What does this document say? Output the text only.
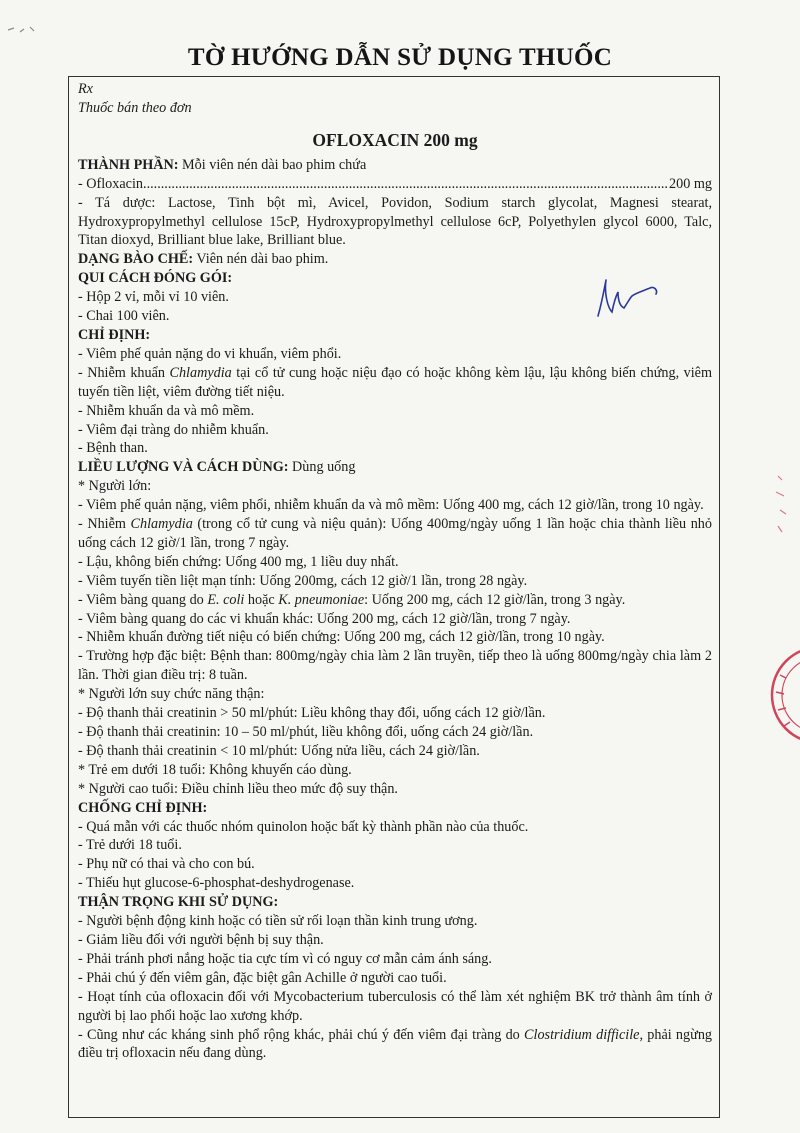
TỜ HƯỚNG DẪN SỬ DỤNG THUỐC
Rx
Thuốc bán theo đơn
OFLOXACIN 200 mg
THÀNH PHẦN: Mỗi viên nén dài bao phim chứa
- Ofloxacin
.....	200 mg
- Tá dược: Lactose, Tinh bột mì, Avicel, Povidon, Sodium starch glycolat, Magnesi stearat, Hydroxypropylmethyl cellulose 15cP, Hydroxypropylmethyl cellulose 6cP, Polyethylen glycol 6000, Talc, Titan dioxyd, Brilliant blue lake, Brilliant blue.
DẠNG BÀO CHẾ: Viên nén dài bao phim.
QUI CÁCH ĐÓNG GÓI:
- Hộp 2 vỉ, mỗi vỉ 10 viên.
- Chai 100 viên.
CHỈ ĐỊNH:
- Viêm phế quản nặng do vi khuẩn, viêm phổi.
- Nhiễm khuẩn Chlamydia tại cổ tử cung hoặc niệu đạo có hoặc không kèm lậu, lậu không biến chứng, viêm tuyến tiền liệt, viêm đường tiết niệu.
- Nhiễm khuẩn da và mô mềm.
- Viêm đại tràng do nhiễm khuẩn.
- Bệnh than.
LIỀU LƯỢNG VÀ CÁCH DÙNG: Dùng uống
* Người lớn:
- Viêm phế quản nặng, viêm phổi, nhiễm khuẩn da và mô mềm: Uống 400 mg, cách 12 giờ/lần, trong 10 ngày.
- Nhiễm Chlamydia (trong cổ tử cung và niệu quản): Uống 400mg/ngày uống 1 lần hoặc chia thành liều nhỏ uống cách 12 giờ/1 lần, trong 7 ngày.
- Lậu, không biến chứng: Uống 400 mg, 1 liều duy nhất.
- Viêm tuyến tiền liệt mạn tính: Uống 200mg, cách 12 giờ/1 lần, trong 28 ngày.
- Viêm bàng quang do E. coli hoặc K. pneumoniae: Uống 200 mg, cách 12 giờ/lần, trong 3 ngày.
- Viêm bàng quang do các vi khuẩn khác: Uống 200 mg, cách 12 giờ/lần, trong 7 ngày.
- Nhiễm khuẩn đường tiết niệu có biến chứng: Uống 200 mg, cách 12 giờ/lần, trong 10 ngày.
- Trường hợp đặc biệt: Bệnh than: 800mg/ngày chia làm 2 lần truyền, tiếp theo là uống 800mg/ngày chia làm 2 lần. Thời gian điều trị: 8 tuần.
* Người lớn suy chức năng thận:
- Độ thanh thải creatinin > 50 ml/phút: Liều không thay đổi, uống cách 12 giờ/lần.
- Độ thanh thải creatinin: 10 – 50 ml/phút, liều không đổi, uống cách 24 giờ/lần.
- Độ thanh thải creatinin < 10 ml/phút: Uống nửa liều, cách 24 giờ/lần.
* Trẻ em dưới 18 tuổi: Không khuyến cáo dùng.
* Người cao tuổi: Điều chỉnh liều theo mức độ suy thận.
CHỐNG CHỈ ĐỊNH:
- Quá mẫn với các thuốc nhóm quinolon hoặc bất kỳ thành phần nào của thuốc.
- Trẻ dưới 18 tuổi.
- Phụ nữ có thai và cho con bú.
- Thiếu hụt glucose-6-phosphat-deshydrogenase.
THẬN TRỌNG KHI SỬ DỤNG:
- Người bệnh động kinh hoặc có tiền sử rối loạn thần kinh trung ương.
- Giảm liều đối với người bệnh bị suy thận.
- Phải tránh phơi nắng hoặc tia cực tím vì có nguy cơ mẫn cảm ánh sáng.
- Phải chú ý đến viêm gân, đặc biệt gân Achille ở người cao tuổi.
- Hoạt tính của ofloxacin đối với Mycobacterium tuberculosis có thể làm xét nghiệm BK trở thành âm tính ở người bị lao phổi hoặc lao xương khớp.
- Cũng như các kháng sinh phổ rộng khác, phải chú ý đến viêm đại tràng do Clostridium difficile, phải ngừng điều trị ofloxacin nếu đang dùng.
